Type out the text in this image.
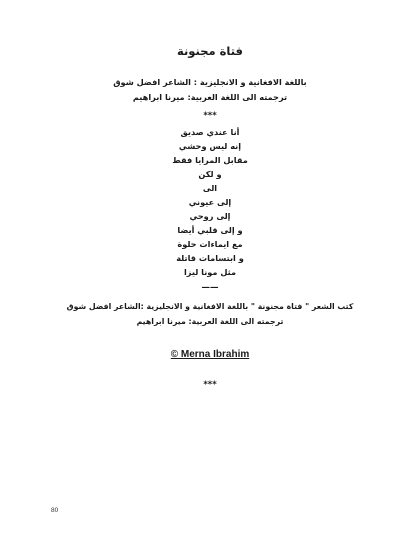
فتاة مجنونة
باللغة الافغانية و الانجليزية : الشاعر افضل شوق
ترجمته الى اللغة العربية: ميرنا ابراهيم
***
أنا عندي صديق
إنه ليس وحشي
مقابل المرايا فقط
و لكن
الى
إلى عيوني
إلى روحي
و إلى قلبي أيضا
مع ايماءات حلوة
و ابتسامات قاتلة
مثل مونا ليزا
——
كتب الشعر " فتاة مجنونة " باللغة الافغانية و الانجليزية :الشاعر افضل شوق
ترجمته الى اللغة العربية: ميرنا ابراهيم
© Merna Ibrahim
***
80
